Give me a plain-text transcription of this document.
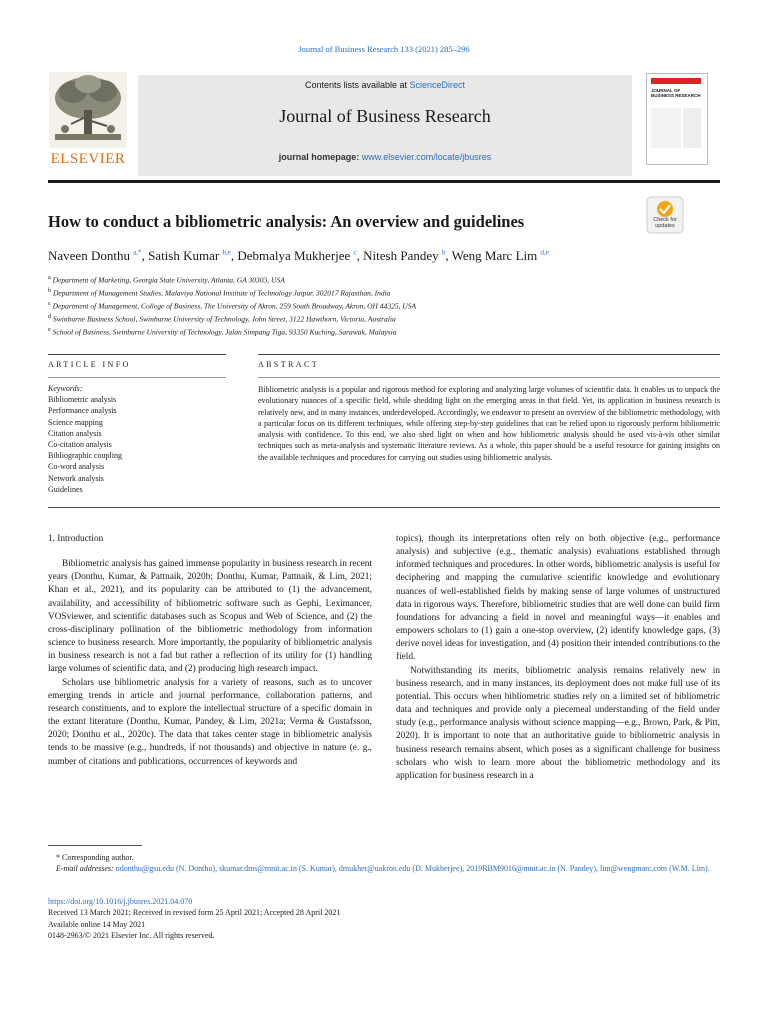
Journal of Business Research 133 (2021) 285–296
ELSEVIER
Contents lists available at ScienceDirect
Journal of Business Research
journal homepage: www.elsevier.com/locate/jbusres
JOURNAL OF BUSINESS RESEARCH
How to conduct a bibliometric analysis: An overview and guidelines	Check for
updates
Naveen Donthu $^{a,*}$, Satish Kumar $^{b,e}$, Debmalya Mukherjee $^c$, Nitesh Pandey $^b$, Weng Marc Lim $^{d,e}$
$^a$ Department of Marketing, Georgia State University, Atlanta, GA 30303, USA
$^b$ Department of Management Studies, Malaviya National Institute of Technology Jaipur, 302017 Rajasthan, India
$^c$ Department of Management, College of Business, The University of Akron, 259 South Broadway, Akron, OH 44325, USA
$^d$ Swinburne Business School, Swinburne University of Technology, John Street, 3122 Hawthorn, Victoria, Australia
$^e$ School of Business, Swinburne University of Technology, Jalan Simpang Tiga, 93350 Kuching, Sarawak, Malaysia
ARTICLE INFO	ABSTRACT
Keywords:
Bibliometric analysis
Performance analysis
Science mapping
Citation analysis
Co-citation analysis
Bibliographic coupling
Co-word analysis
Network analysis
Guidelines
Bibliometric analysis is a popular and rigorous method for exploring and analyzing large volumes of scientific data. It enables us to unpack the evolutionary nuances of a specific field, while shedding light on the emerging areas in that field. Yet, its application in business research is relatively new, and in many instances, underdeveloped. Accordingly, we endeavor to present an overview of the bibliometric methodology, with a particular focus on its different techniques, while offering step-by-step guidelines that can be relied upon to rigorously perform bibliometric analysis with confidence. To this end, we also shed light on when and how bibliometric analysis should be used vis-à-vis other similar techniques such as meta-analysis and systematic literature reviews. As a whole, this paper should be a useful resource for gaining insights on the available techniques and procedures for carrying out studies using bibliometric analysis.
1. Introduction

Bibliometric analysis has gained immense popularity in business research in recent years (Donthu, Kumar, & Pattnaik, 2020b; Donthu, Kumar, Pattnaik, & Lim, 2021; Khan et al., 2021), and its popularity can be attributed to (1) the advancement, availability, and accessibility of bibliometric software such as Gephi, Leximancer, VOSviewer, and scientific databases such as Scopus and Web of Science, and (2) the cross-disciplinary pollination of the bibliometric methodology from information science to business research. More importantly, the popularity of bibliometric analysis in business research is not a fad but rather a reflection of its utility for (1) handling large volumes of scientific data, and (2) producing high research impact.

Scholars use bibliometric analysis for a variety of reasons, such as to uncover emerging trends in article and journal performance, collaboration patterns, and research constituents, and to explore the intellectual structure of a specific domain in the extant literature (Donthu, Kumar, Pandey, & Lim, 2021a; Verma & Gustafsson, 2020; Donthu et al., 2020c). The data that takes center stage in bibliometric analysis tends to be massive (e.g., hundreds, if not thousands) and objective in nature (e. g., number of citations and publications, occurrences of keywords and

topics), though its interpretations often rely on both objective (e.g., performance analysis) and subjective (e.g., thematic analysis) evaluations established through informed techniques and procedures. In other words, bibliometric analysis is useful for deciphering and mapping the cumulative scientific knowledge and evolutionary nuances of well-established fields by making sense of large volumes of unstructured data in rigorous ways. Therefore, bibliometric studies that are well done can build firm foundations for advancing a field in novel and meaningful ways—it enables and empowers scholars to (1) gain a one-stop overview, (2) identify knowledge gaps, (3) derive novel ideas for investigation, and (4) position their intended contributions to the field.

Notwithstanding its merits, bibliometric analysis remains relatively new in business research, and in many instances, its deployment does not make full use of its potential. This occurs when bibliometric studies rely on a limited set of bibliometric data and techniques and provide only a piecemeal understanding of the field under study (e.g., performance analysis without science mapping—e.g., Brown, Park, & Pitt, 2020). It is important to note that an authoritative guide to bibliometric analysis in business research remains absent, which poses as a significant challenge for business scholars who wish to learn more about the bibliometric methodology and its application for business research in a

* Corresponding author.
E-mail addresses: ndonthu@gsu.edu (N. Donthu), skumar.dms@mnit.ac.in (S. Kumar), dmukher@uakron.edu (D. Mukherjee), 2019RBM9016@mnit.ac.in (N. Pandey), lim@wengmarc.com (W.M. Lim).
https://doi.org/10.1016/j.jbusres.2021.04.070
Received 13 March 2021; Received in revised form 25 April 2021; Accepted 28 April 2021
Available online 14 May 2021
0148-2963/© 2021 Elsevier Inc. All rights reserved.
